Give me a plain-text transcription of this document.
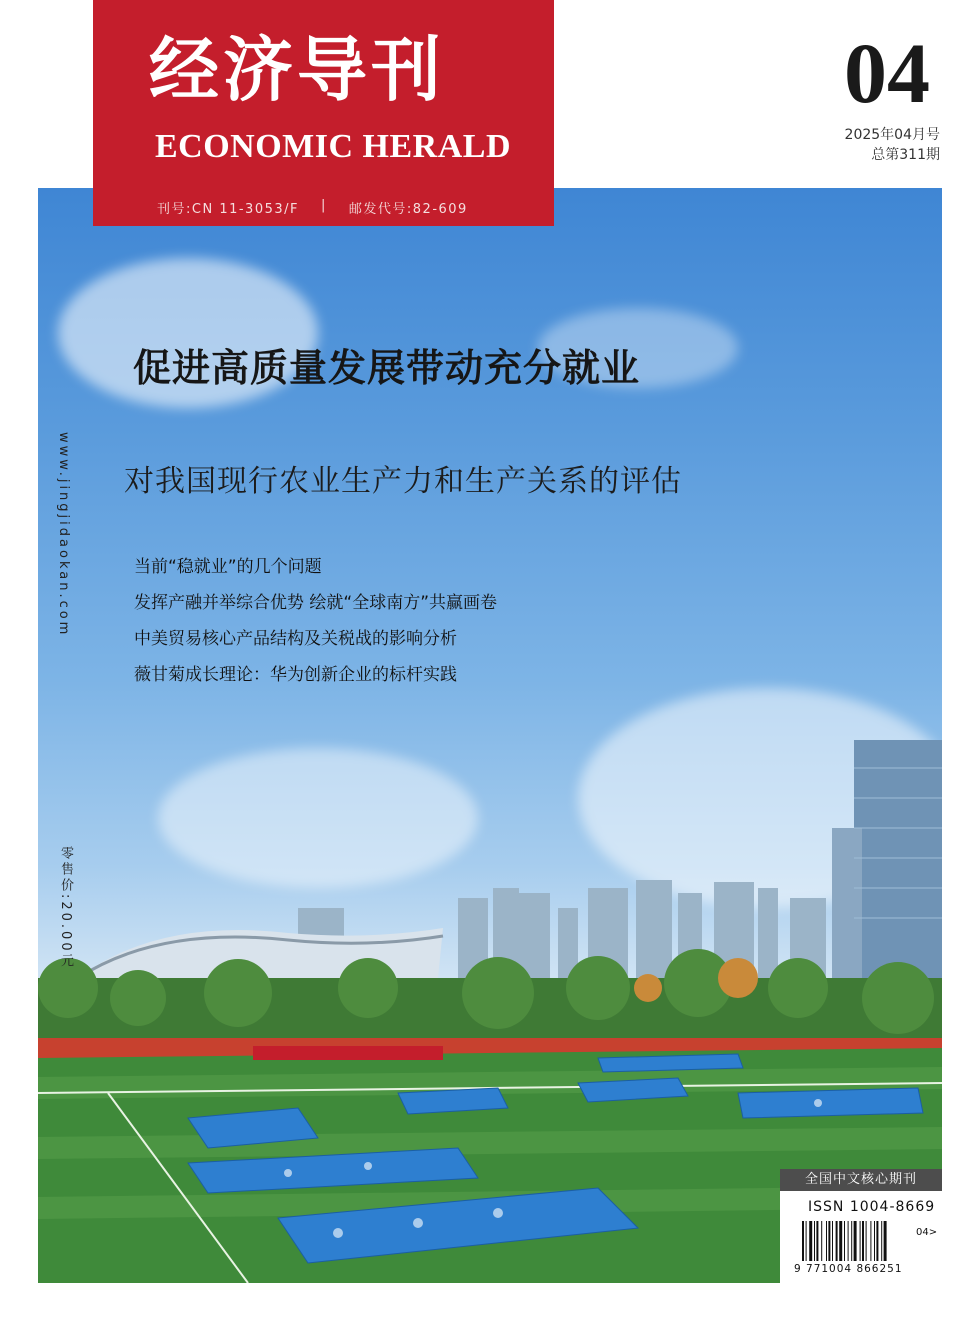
经济导刊
ECONOMIC HERALD
刊号:CN 11-3053/F | 邮发代号:82-609
04
2025年04月号
总第311期
促进高质量发展带动充分就业
对我国现行农业生产力和生产关系的评估
当前“稳就业”的几个问题
发挥产融并举综合优势 绘就“全球南方”共赢画卷
中美贸易核心产品结构及关税战的影响分析
薇甘菊成长理论：华为创新企业的标杆实践
www.jingjidaokan.com
零售价:20.00元
全国中文核心期刊
ISSN 1004-8669
04>
9 771004 866251
